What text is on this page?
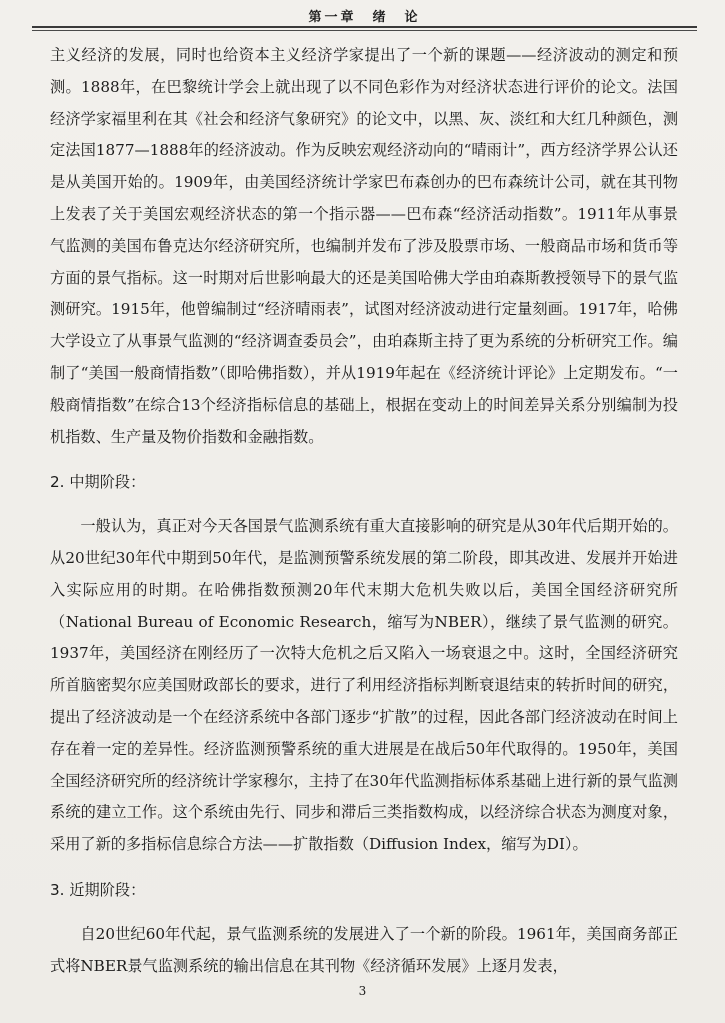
第一章　绪　论

主义经济的发展，同时也给资本主义经济学家提出了一个新的课题——经济波动的测定和预测。1888年，在巴黎统计学会上就出现了以不同色彩作为对经济状态进行评价的论文。法国经济学家福里利在其《社会和经济气象研究》的论文中，以黑、灰、淡红和大红几种颜色，测定法国1877—1888年的经济波动。作为反映宏观经济动向的“晴雨计”，西方经济学界公认还是从美国开始的。1909年，由美国经济统计学家巴布森创办的巴布森统计公司，就在其刊物上发表了关于美国宏观经济状态的第一个指示器——巴布森“经济活动指数”。1911年从事景气监测的美国布鲁克达尔经济研究所，也编制并发布了涉及股票市场、一般商品市场和货币等方面的景气指标。这一时期对后世影响最大的还是美国哈佛大学由珀森斯教授领导下的景气监测研究。1915年，他曾编制过“经济晴雨表”，试图对经济波动进行定量刻画。1917年，哈佛大学设立了从事景气监测的“经济调查委员会”，由珀森斯主持了更为系统的分析研究工作。编制了“美国一般商情指数”（即哈佛指数），并从1919年起在《经济统计评论》上定期发布。“一般商情指数”在综合13个经济指标信息的基础上，根据在变动上的时间差异关系分别编制为投机指数、生产量及物价指数和金融指数。

2. 中期阶段：

一般认为，真正对今天各国景气监测系统有重大直接影响的研究是从30年代后期开始的。从20世纪30年代中期到50年代，是监测预警系统发展的第二阶段，即其改进、发展并开始进入实际应用的时期。在哈佛指数预测20年代末期大危机失败以后，美国全国经济研究所（National Bureau of Economic Research，缩写为NBER），继续了景气监测的研究。1937年，美国经济在刚经历了一次特大危机之后又陷入一场衰退之中。这时，全国经济研究所首脑密契尔应美国财政部长的要求，进行了利用经济指标判断衰退结束的转折时间的研究，提出了经济波动是一个在经济系统中各部门逐步“扩散”的过程，因此各部门经济波动在时间上存在着一定的差异性。经济监测预警系统的重大进展是在战后50年代取得的。1950年，美国全国经济研究所的经济统计学家穆尔，主持了在30年代监测指标体系基础上进行新的景气监测系统的建立工作。这个系统由先行、同步和滞后三类指数构成，以经济综合状态为测度对象，采用了新的多指标信息综合方法——扩散指数（Diffusion Index，缩写为DI）。

3. 近期阶段：

自20世纪60年代起，景气监测系统的发展进入了一个新的阶段。1961年，美国商务部正式将NBER景气监测系统的输出信息在其刊物《经济循环发展》上逐月发表，

3
